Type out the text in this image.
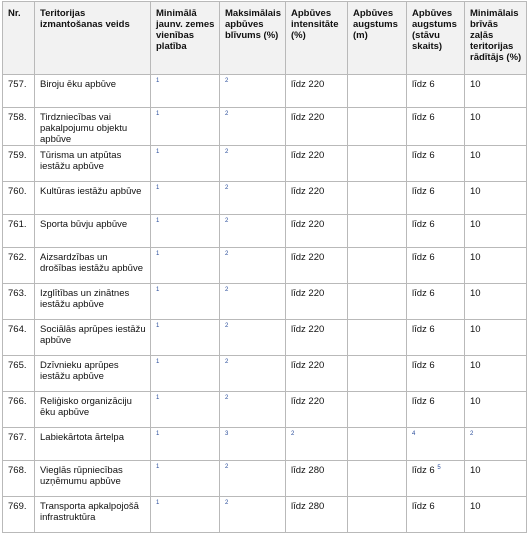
Nr.	Teritorijas izmantošanas veids	Minimālā jaunv. zemes vienības platība	Maksimālais apbūves blīvums (%)	Apbūves intensitāte (%)	Apbūves augstums (m)	Apbūves augstums (stāvu skaits)	Minimālais brīvās zaļās teritorijas rādītājs (%)
757.	Biroju ēku apbūve	$^1$	$^2$	līdz 220		līdz 6	10
758.	Tirdzniecības vai pakalpojumu objektu apbūve	$^1$	$^2$	līdz 220		līdz 6	10
759.	Tūrisma un atpūtas iestāžu apbūve	$^1$	$^2$	līdz 220		līdz 6	10
760.	Kultūras iestāžu apbūve	$^1$	$^2$	līdz 220		līdz 6	10
761.	Sporta būvju apbūve	$^1$	$^2$	līdz 220		līdz 6	10
762.	Aizsardzības un drošības iestāžu apbūve	$^1$	$^2$	līdz 220		līdz 6	10
763.	Izglītības un zinātnes iestāžu apbūve	$^1$	$^2$	līdz 220		līdz 6	10
764.	Sociālās aprūpes iestāžu apbūve	$^1$	$^2$	līdz 220		līdz 6	10
765.	Dzīvnieku aprūpes iestāžu apbūve	$^1$	$^2$	līdz 220		līdz 6	10
766.	Reliģisko organizāciju ēku apbūve	$^1$	$^2$	līdz 220		līdz 6	10
767.	Labiekārtota ārtelpa	$^1$	$^3$	$^2$		$^4$	$^2$
768.	Vieglās rūpniecības uzņēmumu apbūve	$^1$	$^2$	līdz 280		līdz 6 $^5$	10
769.	Transporta apkalpojošā infrastruktūra	$^1$	$^2$	līdz 280		līdz 6	10
